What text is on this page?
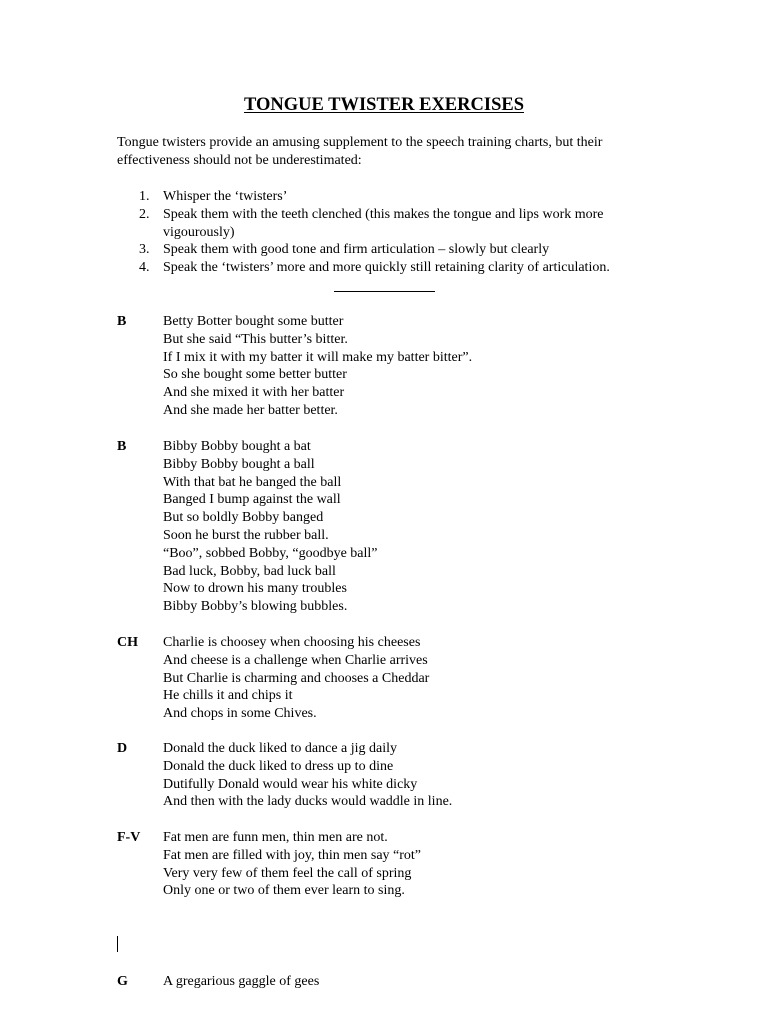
TONGUE TWISTER EXERCISES

Tongue twisters provide an amusing supplement to the speech training charts, but their effectiveness should not be underestimated:

1. Whisper the ‘twisters’
2. Speak them with the teeth clenched (this makes the tongue and lips work more vigourously)
3. Speak them with good tone and firm articulation – slowly but clearly
4. Speak the ‘twisters’ more and more quickly still retaining clarity of articulation.
B	Betty Botter bought some butter
But she said “This butter’s bitter.
If I mix it with my batter it will make my batter bitter”.
So she bought some better butter
And she mixed it with her batter
And she made her batter better.
B	Bibby Bobby bought a bat
Bibby Bobby bought a ball
With that bat he banged the ball
Banged I bump against the wall
But so boldly Bobby banged
Soon he burst the rubber ball.
“Boo”, sobbed Bobby, “goodbye ball”
Bad luck, Bobby, bad luck ball
Now to drown his many troubles
Bibby Bobby’s blowing bubbles.
CH Charlie is choosey when choosing his cheeses
And cheese is a challenge when Charlie arrives
But Charlie is charming and chooses a Cheddar
He chills it and chips it
And chops in some Chives.
D	Donald the duck liked to dance a jig daily
Donald the duck liked to dress up to dine
Dutifully Donald would wear his white dicky
And then with the lady ducks would waddle in line.
F-V Fat men are funn men, thin men are not.
Fat men are filled with joy, thin men say “rot”
Very very few of them feel the call of spring
Only one or two of them ever learn to sing.
G	A gregarious gaggle of gees
